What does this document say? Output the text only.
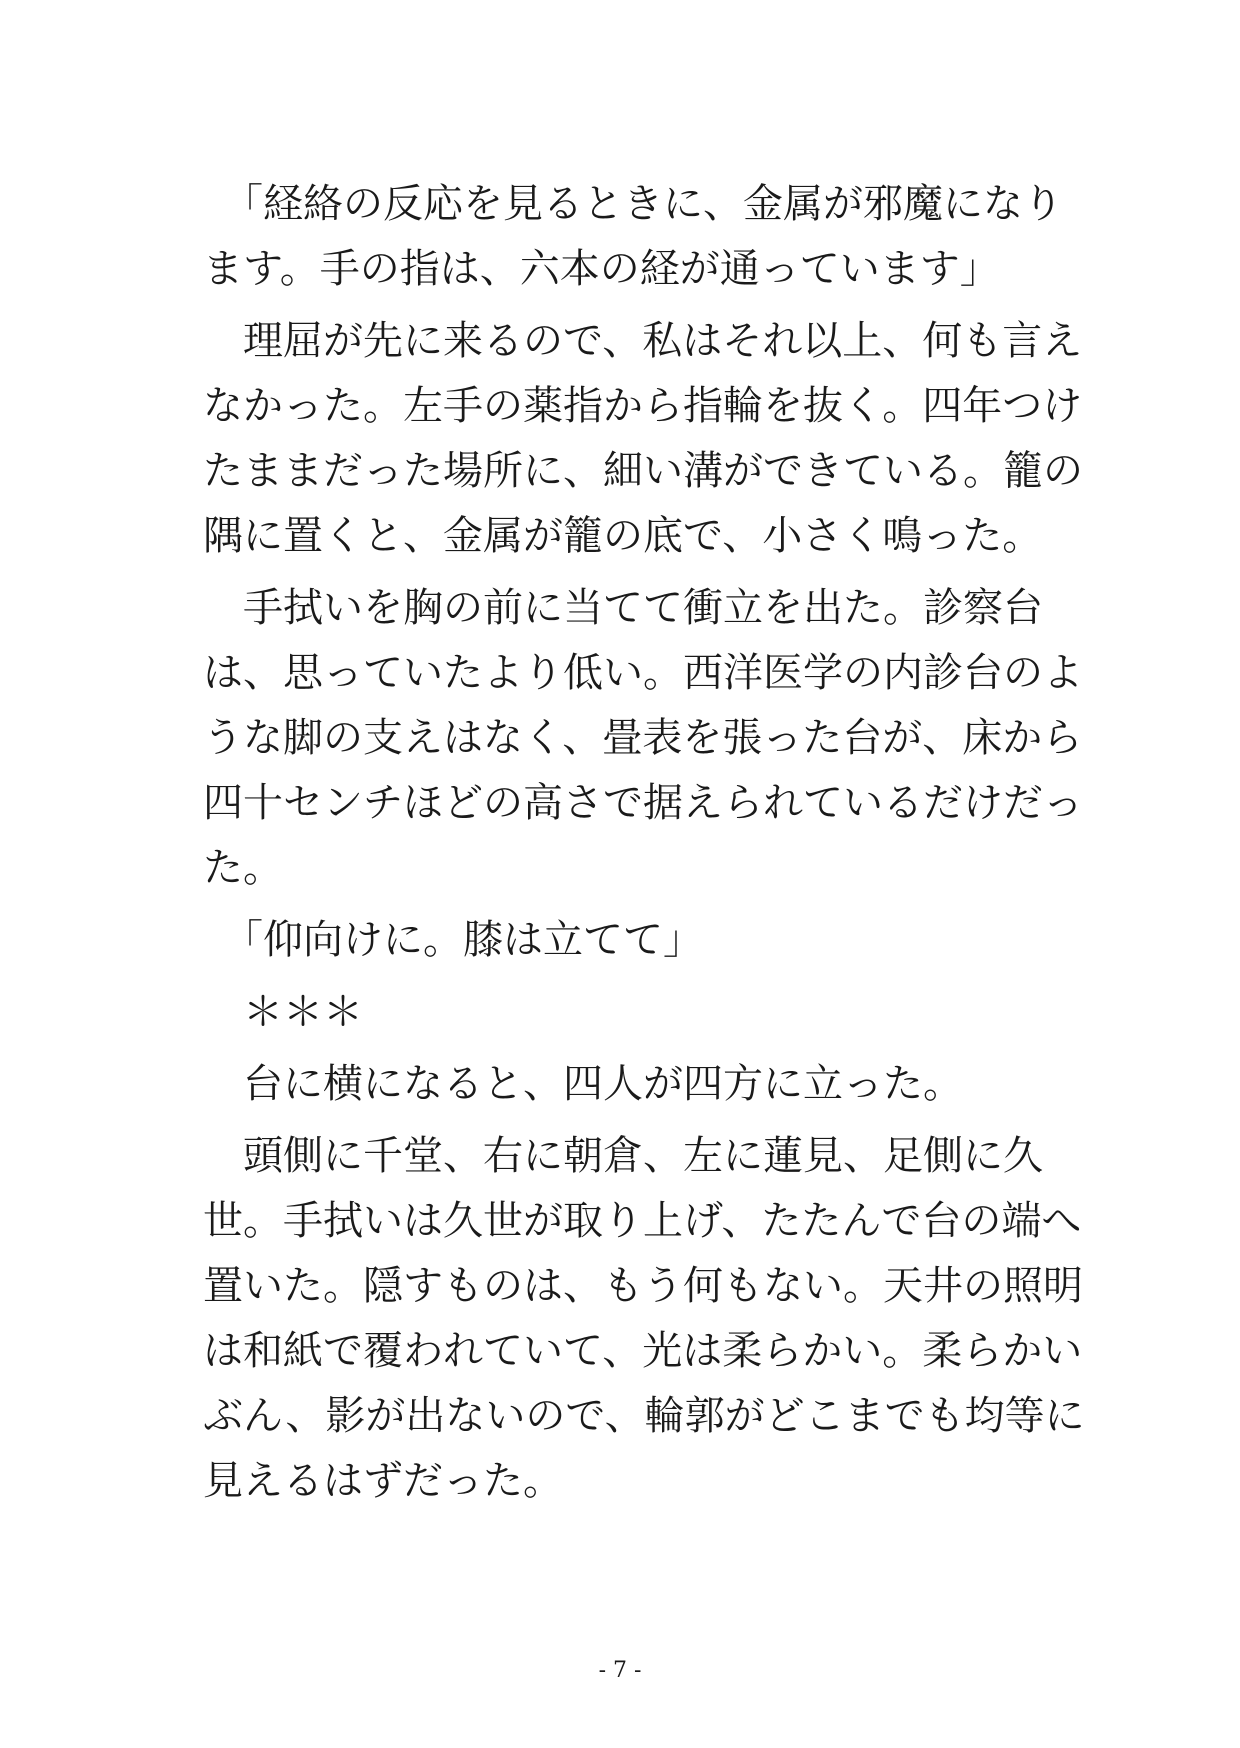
　「経絡の反応を見るときに、金属が邪魔になり
ます。手の指は、六本の経が通っています」
　理屈が先に来るので、私はそれ以上、何も言え
なかった。左手の薬指から指輪を抜く。四年つけ
たままだった場所に、細い溝ができている。籠の
隅に置くと、金属が籠の底で、小さく鳴った。
　手拭いを胸の前に当てて衝立を出た。診察台
は、思っていたより低い。西洋医学の内診台のよ
うな脚の支えはなく、畳表を張った台が、床から
四十センチほどの高さで据えられているだけだっ
た。
　「仰向けに。膝は立てて」
　＊＊＊
　台に横になると、四人が四方に立った。
　頭側に千堂、右に朝倉、左に蓮見、足側に久
世。手拭いは久世が取り上げ、たたんで台の端へ
置いた。隠すものは、もう何もない。天井の照明
は和紙で覆われていて、光は柔らかい。柔らかい
ぶん、影が出ないので、輪郭がどこまでも均等に
見えるはずだった。
- 7 -
